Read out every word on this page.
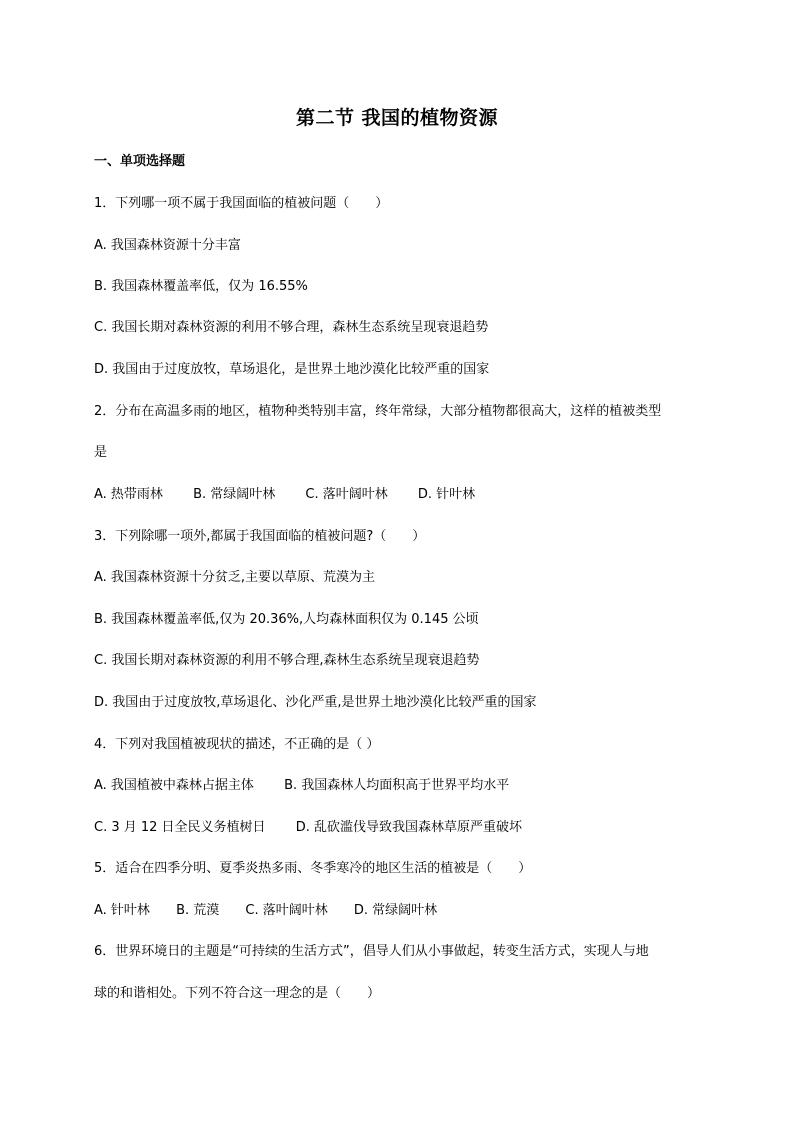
第二节 我国的植物资源
一、单项选择题
1．下列哪一项不属于我国面临的植被问题（　　）
A. 我国森林资源十分丰富
B. 我国森林覆盖率低，仅为 16.55%
C. 我国长期对森林资源的利用不够合理，森林生态系统呈现衰退趋势
D. 我国由于过度放牧，草场退化，是世界土地沙漠化比较严重的国家
2．分布在高温多雨的地区，植物种类特别丰富，终年常绿，大部分植物都很高大，这样的植被类型
是
A. 热带雨林 B. 常绿阔叶林 C. 落叶阔叶林 D. 针叶林
3．下列除哪一项外,都属于我国面临的植被问题?（　　）
A. 我国森林资源十分贫乏,主要以草原、荒漠为主
B. 我国森林覆盖率低,仅为 20.36%,人均森林面积仅为 0.145 公顷
C. 我国长期对森林资源的利用不够合理,森林生态系统呈现衰退趋势
D. 我国由于过度放牧,草场退化、沙化严重,是世界土地沙漠化比较严重的国家
4．下列对我国植被现状的描述，不正确的是（ ）
A. 我国植被中森林占据主体 B. 我国森林人均面积高于世界平均水平
C. 3 月 12 日全民义务植树日 D. 乱砍滥伐导致我国森林草原严重破坏
5．适合在四季分明、夏季炎热多雨、冬季寒冷的地区生活的植被是（　　）
A. 针叶林 B. 荒漠 C. 落叶阔叶林 D. 常绿阔叶林
6．世界环境日的主题是“可持续的生活方式”，倡导人们从小事做起，转变生活方式，实现人与地
球的和谐相处。下列不符合这一理念的是（　　）
